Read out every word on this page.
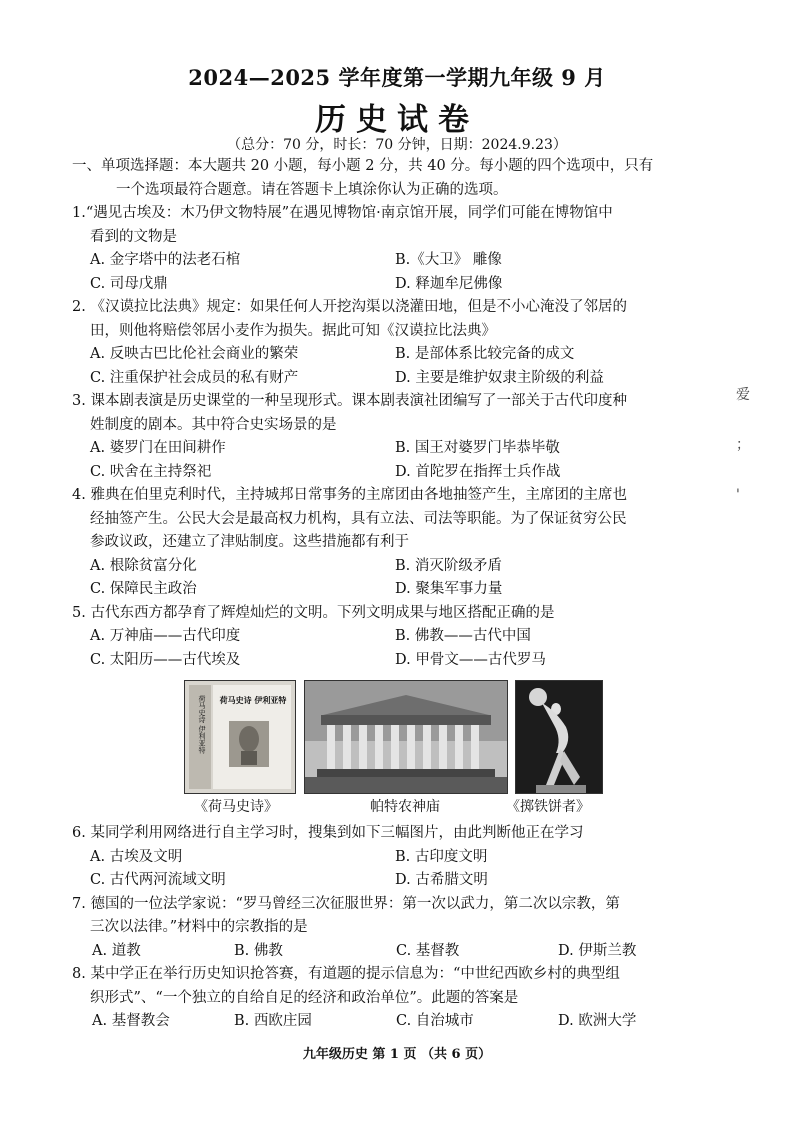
2024—2025 学年度第一学期九年级 9 月
历史试卷
（总分：70 分，时长：70 分钟，日期：2024.9.23）
一、单项选择题：本大题共 20 小题，每小题 2 分，共 40 分。每小题的四个选项中，只有
一个选项最符合题意。请在答题卡上填涂你认为正确的选项。
1.“遇见古埃及：木乃伊文物特展”在遇见博物馆·南京馆开展，同学们可能在博物馆中
看到的文物是
A. 金字塔中的法老石棺	B.《大卫》 雕像
C. 司母戊鼎	D. 释迦牟尼佛像
2. 《汉谟拉比法典》规定：如果任何人开挖沟渠以浇灌田地，但是不小心淹没了邻居的
田，则他将赔偿邻居小麦作为损失。据此可知《汉谟拉比法典》
A. 反映古巴比伦社会商业的繁荣	B. 是部体系比较完备的成文
C. 注重保护社会成员的私有财产	D. 主要是维护奴隶主阶级的利益
3. 课本剧表演是历史课堂的一种呈现形式。课本剧表演社团编写了一部关于古代印度种
姓制度的剧本。其中符合史实场景的是
A. 婆罗门在田间耕作	B. 国王对婆罗门毕恭毕敬
C. 吠舍在主持祭祀	D. 首陀罗在指挥士兵作战
4. 雅典在伯里克利时代，主持城邦日常事务的主席团由各地抽签产生，主席团的主席也
经抽签产生。公民大会是最高权力机构，具有立法、司法等职能。为了保证贫穷公民
参政议政，还建立了津贴制度。这些措施都有利于
A. 根除贫富分化	B. 消灭阶级矛盾
C. 保障民主政治	D. 聚集军事力量
5. 古代东西方都孕育了辉煌灿烂的文明。下列文明成果与地区搭配正确的是
A. 万神庙——古代印度	B. 佛教——古代中国
C. 太阳历——古代埃及	D. 甲骨文——古代罗马
荷马史诗 伊利亚特
荷马史诗 伊利亚特
《荷马史诗》	帕特农神庙	《掷铁饼者》
6. 某同学利用网络进行自主学习时，搜集到如下三幅图片，由此判断他正在学习
A. 古埃及文明	B. 古印度文明
C. 古代两河流域文明	D. 古希腊文明
7. 德国的一位法学家说：“罗马曾经三次征服世界：第一次以武力，第二次以宗教，第
三次以法律。”材料中的宗教指的是
A. 道教	B. 佛教	C. 基督教	D. 伊斯兰教
8. 某中学正在举行历史知识抢答赛，有道题的提示信息为：“中世纪西欧乡村的典型组
织形式”、“一个独立的自给自足的经济和政治单位”。此题的答案是
A. 基督教会	B. 西欧庄园	C. 自治城市	D. 欧洲大学
爱
；
'
九年级历史 第 1 页 （共 6 页）
